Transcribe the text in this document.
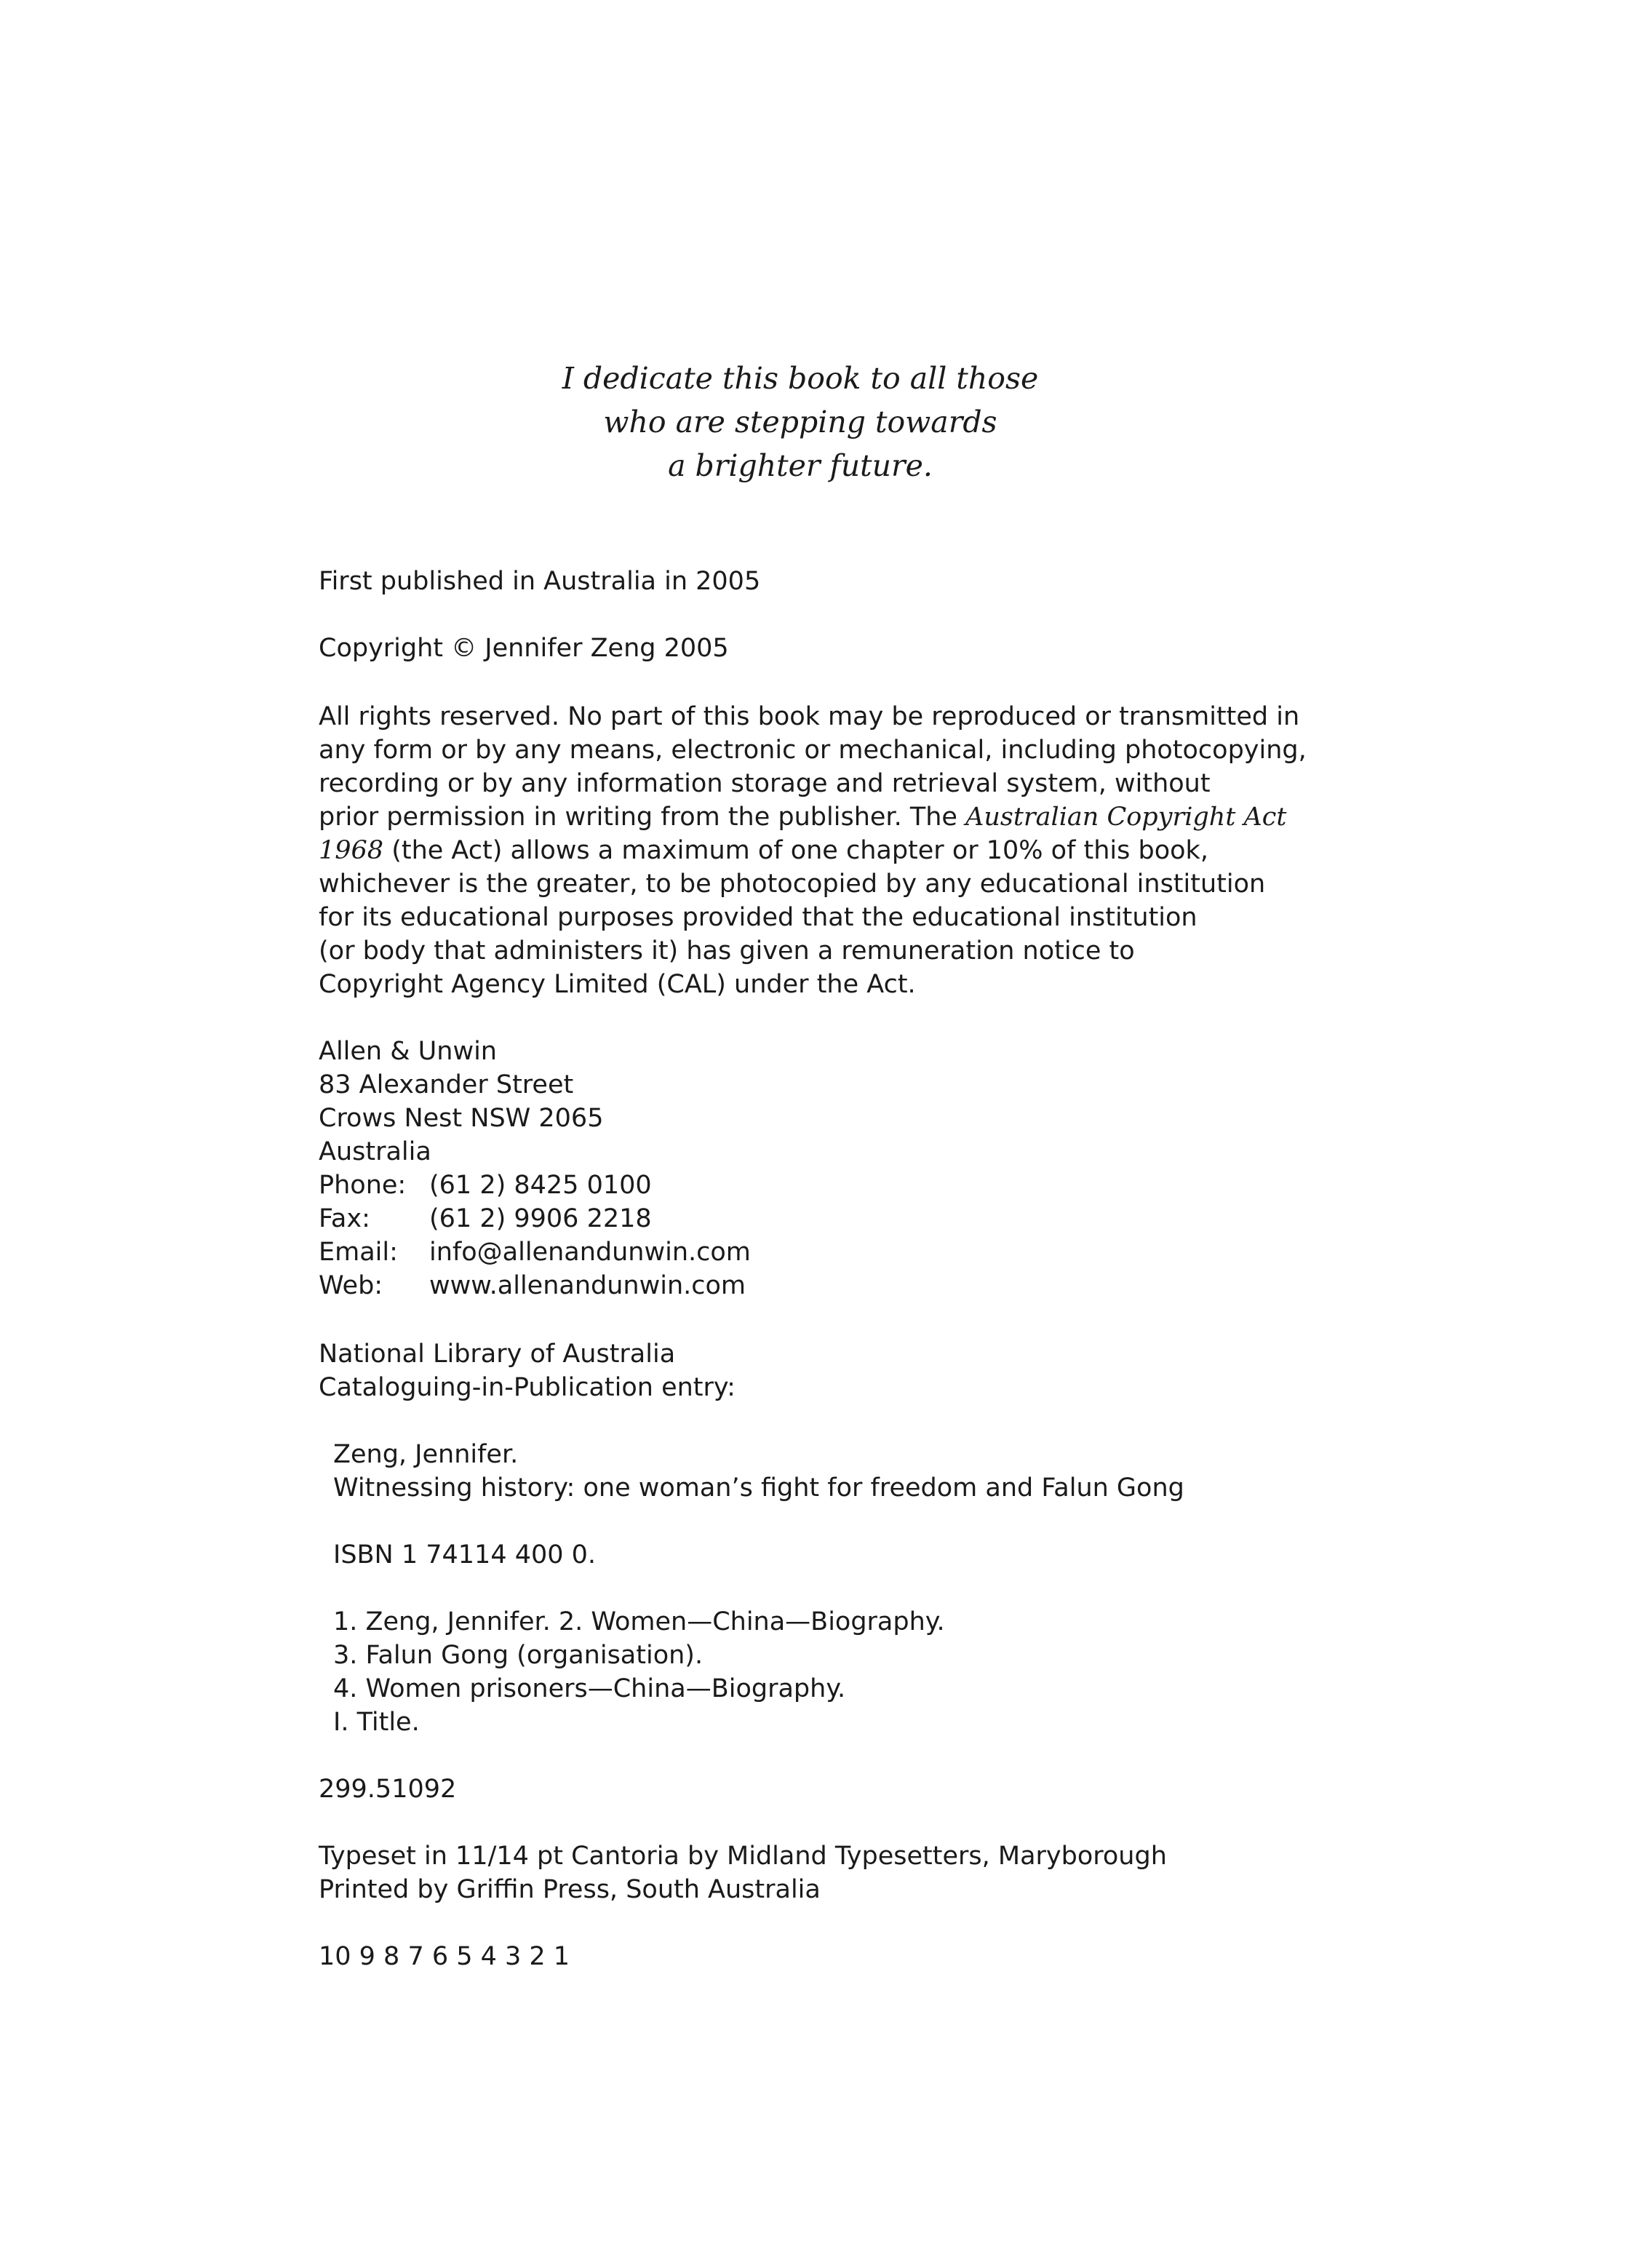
I dedicate this book to all those
who are stepping towards
a brighter future.
First published in Australia in 2005
Copyright © Jennifer Zeng 2005
All rights reserved. No part of this book may be reproduced or transmitted in
any form or by any means, electronic or mechanical, including photocopying,
recording or by any information storage and retrieval system, without
prior permission in writing from the publisher. The Australian Copyright Act
1968 (the Act) allows a maximum of one chapter or 10% of this book,
whichever is the greater, to be photocopied by any educational institution
for its educational purposes provided that the educational institution
(or body that administers it) has given a remuneration notice to
Copyright Agency Limited (CAL) under the Act.
Allen & Unwin
83 Alexander Street
Crows Nest NSW 2065
Australia
Phone: (61 2) 8425 0100
Fax:	(61 2) 9906 2218
Email:	info@allenandunwin.com
Web:	www.allenandunwin.com
National Library of Australia
Cataloguing-in-Publication entry:
Zeng, Jennifer.
Witnessing history: one woman’s fight for freedom and Falun Gong
ISBN 1 74114 400 0.
1. Zeng, Jennifer. 2. Women—China—Biography.
3. Falun Gong (organisation).
4. Women prisoners—China—Biography.
I. Title.
299.51092
Typeset in 11/14 pt Cantoria by Midland Typesetters, Maryborough
Printed by Griffin Press, South Australia
10 9 8 7 6 5 4 3 2 1
